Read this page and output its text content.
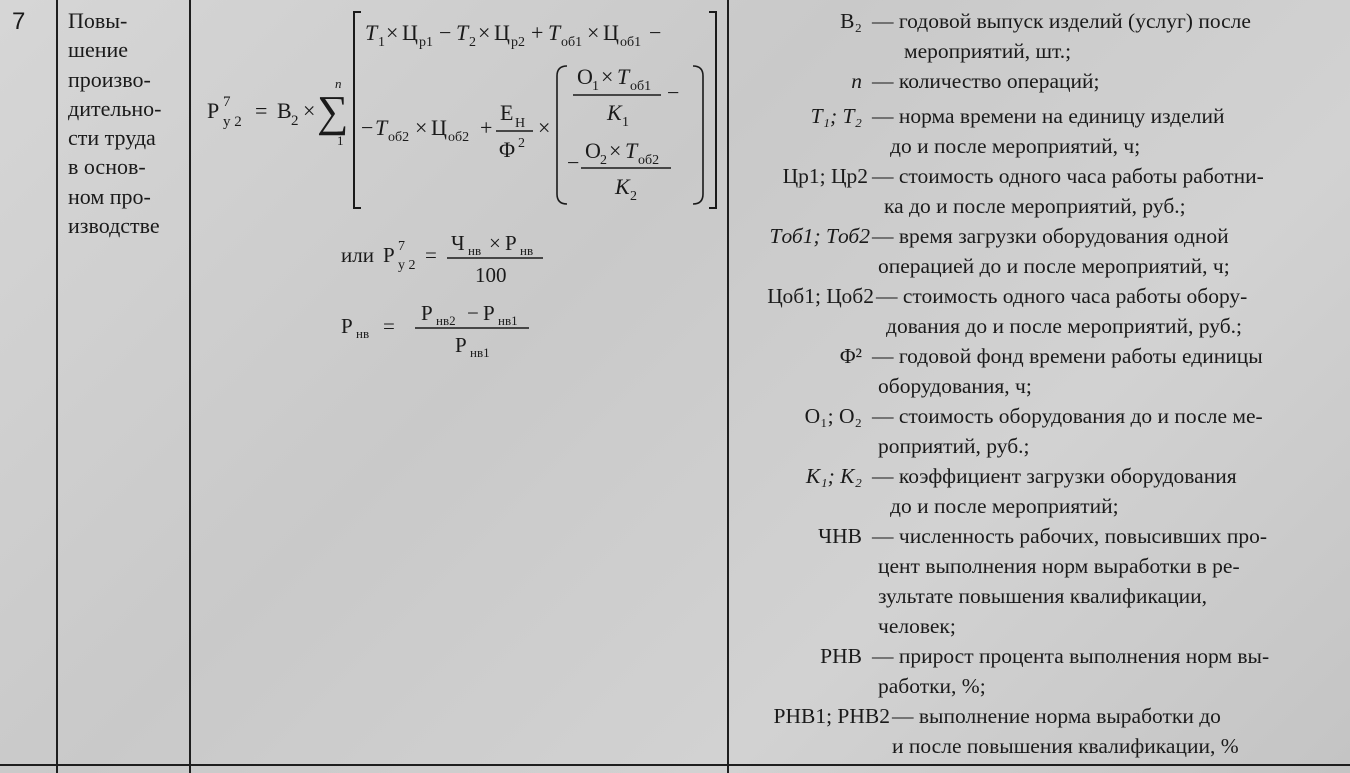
7 Повы-
шение
произво-
дительно-
сти труда
в основ-
ном про-
изводстве
Р 7
у 2 = В 2 × ∑
n
1
T 1 × Ц р1 − T 2 × Ц р2 + T об1 × Ц об1 −
− T об2 × Ц об2 +
Е Н
Φ 2
×
О 1 × T об1
K 1
−
− О 2 × T об2
K 2
или Р 7
у 2 = Ч нв × Р нв
100
Р нв =
Р нв2 − Р нв1
Р нв1
В₂ — годовой выпуск изделий (услуг) после
мероприятий, шт.;
n — количество операций;
T₁; T₂ — норма времени на единицу изделий
до и после мероприятий, ч;
Цр1; Цр2 — стоимость одного часа работы работни-
ка до и после мероприятий, руб.;
Tоб1; Tоб2 — время загрузки оборудования одной
операцией до и после мероприятий, ч;
Цоб1; Цоб2 — стоимость одного часа работы обору-
дования до и после мероприятий, руб.;
Φ² — годовой фонд времени работы единицы
оборудования, ч;
О₁; О₂ — стоимость оборудования до и после ме-
роприятий, руб.;
K₁; K₂ — коэффициент загрузки оборудования
до и после мероприятий;
ЧНВ — численность рабочих, повысивших про-
цент выполнения норм выработки в ре-
зультате повышения квалификации,
человек;
РНВ — прирост процента выполнения норм вы-
работки, %;
РНВ1; РНВ2 — выполнение норма выработки до
и после повышения квалификации, %
